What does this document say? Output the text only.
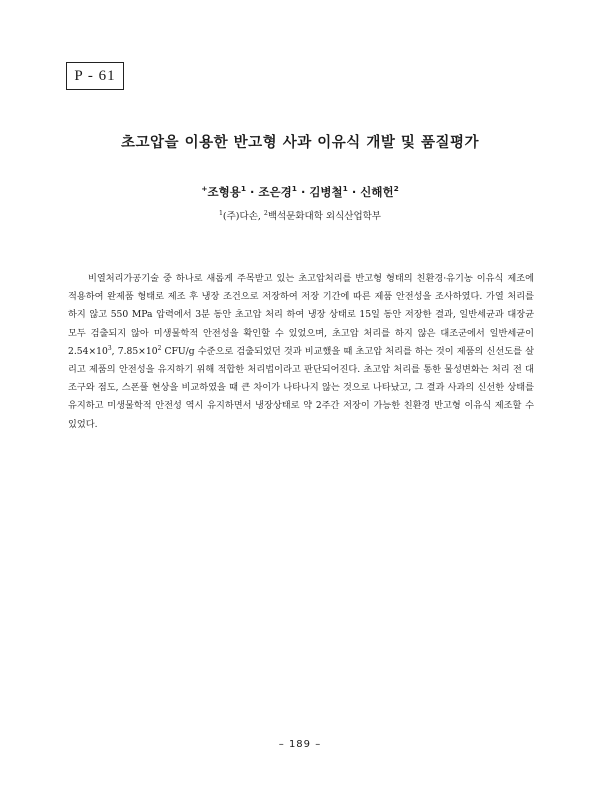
P - 61
초고압을 이용한 반고형 사과 이유식 개발 및 품질평가

+조형용$^1$ · 조은경$^1$ · 김병철$^1$ · 신해헌$^2$

$^1$(주)다손, $^2$백석문화대학 외식산업학부

비열처리가공기술 중 하나로 새롭게 주목받고 있는 초고압처리를 반고형 형태의 친환경·유기농 이유식 제조에 적용하여 완제품 형태로 제조 후 냉장 조건으로 저장하여 저장 기간에 따른 제품 안전성을 조사하였다. 가열 처리를 하지 않고 550 MPa 압력에서 3분 동안 초고압 처리 하여 냉장 상태로 15일 동안 저장한 결과, 일반세균과 대장균 모두 검출되지 않아 미생물학적 안전성을 확인할 수 있었으며, 초고압 처리를 하지 않은 대조군에서 일반세균이 $2.54\times 10^3$, $7.85\times 10^2$ CFU/g 수준으로 검출되었던 것과 비교했을 때 초고압 처리를 하는 것이 제품의 신선도를 살리고 제품의 안전성을 유지하기 위해 적합한 처리법이라고 판단되어진다. 초고압 처리를 통한 물성변화는 처리 전 대조구와 점도, 스폰풀 현상을 비교하였을 때 큰 차이가 나타나지 않는 것으로 나타났고, 그 결과 사과의 신선한 상태를 유지하고 미생물학적 안전성 역시 유지하면서 냉장상태로 약 2주간 저장이 가능한 친환경 반고형 이유식 제조할 수 있었다.

– 189 –
